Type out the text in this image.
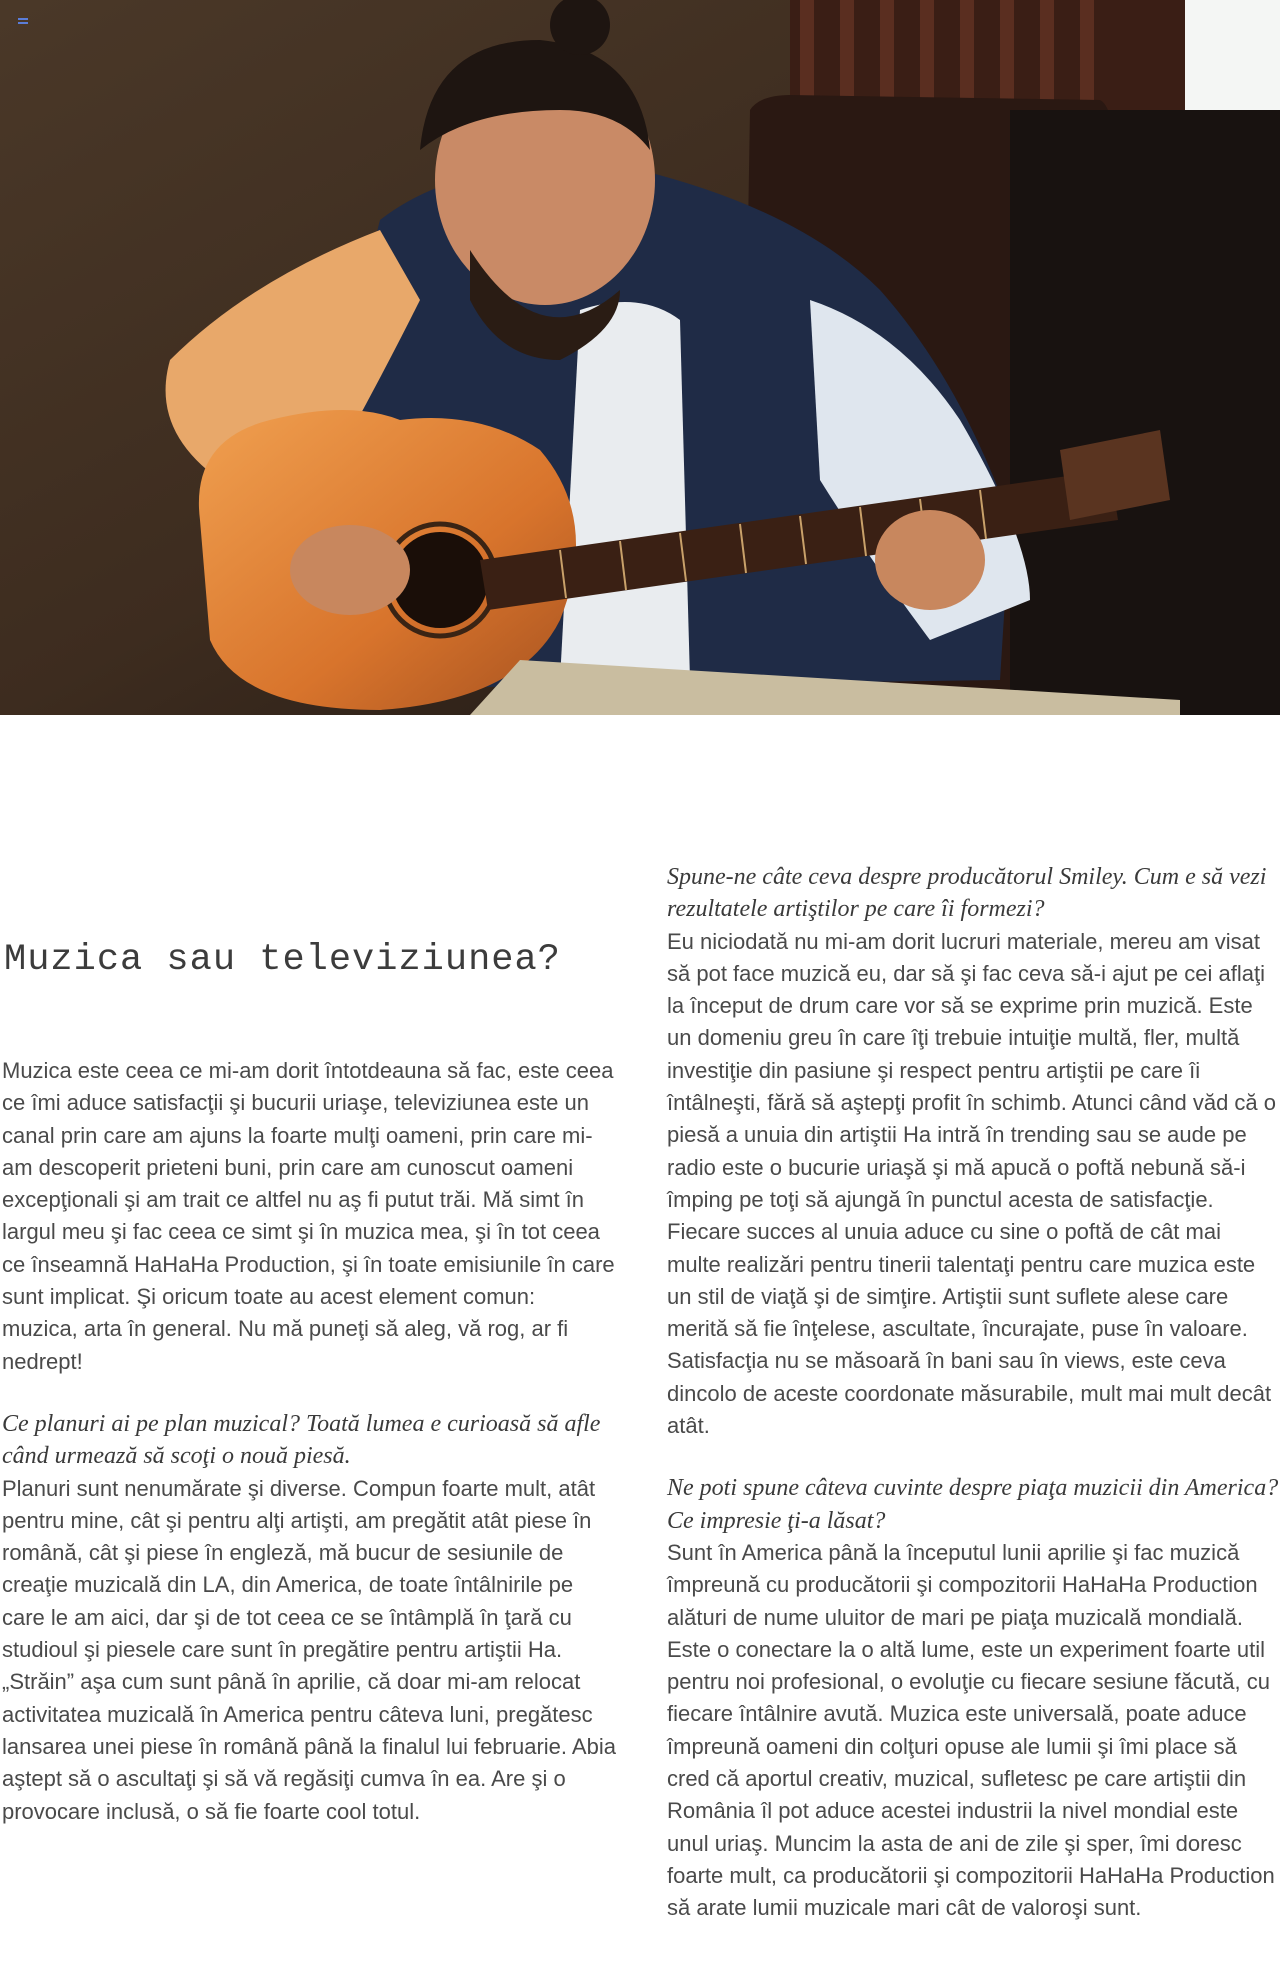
Muzica sau televiziunea?

Muzica este ceea ce mi-am dorit întotdeauna să fac, este ceea ce îmi aduce satisfacţii şi bucurii uriaşe, televiziunea este un canal prin care am ajuns la foarte mulţi oameni, prin care mi-am descoperit prieteni buni, prin care am cunoscut oameni excepţionali şi am trait ce altfel nu aş fi putut trăi. Mă simt în largul meu şi fac ceea ce simt şi în muzica mea, şi în tot ceea ce înseamnă HaHaHa Production, şi în toate emisiunile în care sunt implicat. Şi oricum toate au acest element comun: muzica, arta în general. Nu mă puneţi să aleg, vă rog, ar fi nedrept!

Ce planuri ai pe plan muzical? Toată lumea e curioasă să afle când urmează să scoţi o nouă piesă.

Planuri sunt nenumărate şi diverse. Compun foarte mult, atât pentru mine, cât şi pentru alţi artişti, am pregătit atât piese în română, cât şi piese în engleză, mă bucur de sesiunile de creaţie muzicală din LA, din America, de toate întâlnirile pe care le am aici, dar şi de tot ceea ce se întâmplă în ţară cu studioul şi piesele care sunt în pregătire pentru artiştii Ha. „Străin” aşa cum sunt până în aprilie, că doar mi-am relocat activitatea muzicală în America pentru câteva luni, pregătesc lansarea unei piese în română până la finalul lui februarie. Abia aştept să o ascultaţi şi să vă regăsiţi cumva în ea. Are şi o provocare inclusă, o să fie foarte cool totul.

Spune-ne câte ceva despre producătorul Smiley. Cum e să vezi rezultatele artiştilor pe care îi formezi?

Eu niciodată nu mi-am dorit lucruri materiale, mereu am visat să pot face muzică eu, dar să şi fac ceva să-i ajut pe cei aflaţi la început de drum care vor să se exprime prin muzică. Este un domeniu greu în care îţi trebuie intuiţie multă, fler, multă investiţie din pasiune şi respect pentru artiştii pe care îi întâlneşti, fără să aştepţi profit în schimb. Atunci când văd că o piesă a unuia din artiştii Ha intră în trending sau se aude pe radio este o bucurie uriaşă şi mă apucă o poftă nebună să-i împing pe toţi să ajungă în punctul acesta de satisfacţie. Fiecare succes al unuia aduce cu sine o poftă de cât mai multe realizări pentru tinerii talentaţi pentru care muzica este un stil de viaţă şi de simţire. Artiştii sunt suflete alese care merită să fie înţelese, ascultate, încurajate, puse în valoare. Satisfacţia nu se măsoară în bani sau în views, este ceva dincolo de aceste coordonate măsurabile, mult mai mult decât atât.

Ne poti spune câteva cuvinte despre piaţa muzicii din America? Ce impresie ţi-a lăsat?

Sunt în America până la începutul lunii aprilie şi fac muzică împreună cu producătorii şi compozitorii HaHaHa Production alături de nume uluitor de mari pe piaţa muzicală mondială. Este o conectare la o altă lume, este un experiment foarte util pentru noi profesional, o evoluţie cu fiecare sesiune făcută, cu fiecare întâlnire avută. Muzica este universală, poate aduce împreună oameni din colţuri opuse ale lumii şi îmi place să cred că aportul creativ, muzical, sufletesc pe care artiştii din România îl pot aduce acestei industrii la nivel mondial este unul uriaş. Muncim la asta de ani de zile şi sper, îmi doresc foarte mult, ca producătorii şi compozitorii HaHaHa Production să arate lumii muzicale mari cât de valoroşi sunt.
